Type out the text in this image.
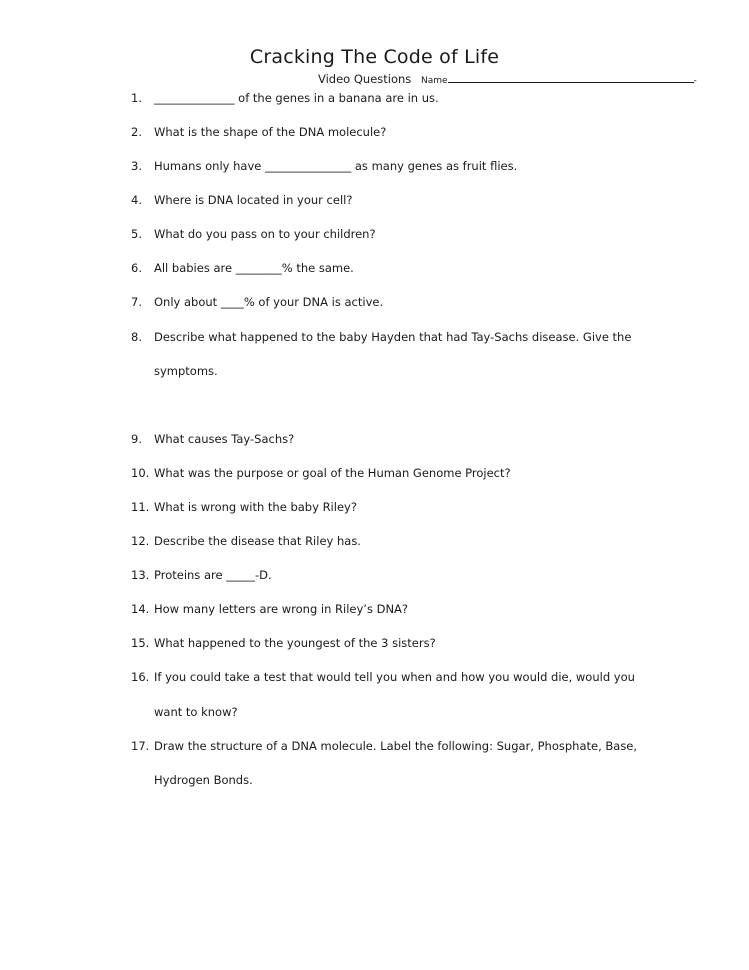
Cracking The Code of Life
Video Questions Name	-
1. ______________ of the genes in a banana are in us.
2. What is the shape of the DNA molecule?
3. Humans only have _______________ as many genes as fruit flies.
4. Where is DNA located in your cell?
5. What do you pass on to your children?
6. All babies are ________% the same.
7. Only about ____% of your DNA is active.
8. Describe what happened to the baby Hayden that had Tay-Sachs disease. Give the
symptoms.
9. What causes Tay-Sachs?
10. What was the purpose or goal of the Human Genome Project?
11. What is wrong with the baby Riley?
12. Describe the disease that Riley has.
13. Proteins are _____-D.
14. How many letters are wrong in Riley’s DNA?
15. What happened to the youngest of the 3 sisters?
16. If you could take a test that would tell you when and how you would die, would you
want to know?
17. Draw the structure of a DNA molecule. Label the following: Sugar, Phosphate, Base,
Hydrogen Bonds.
